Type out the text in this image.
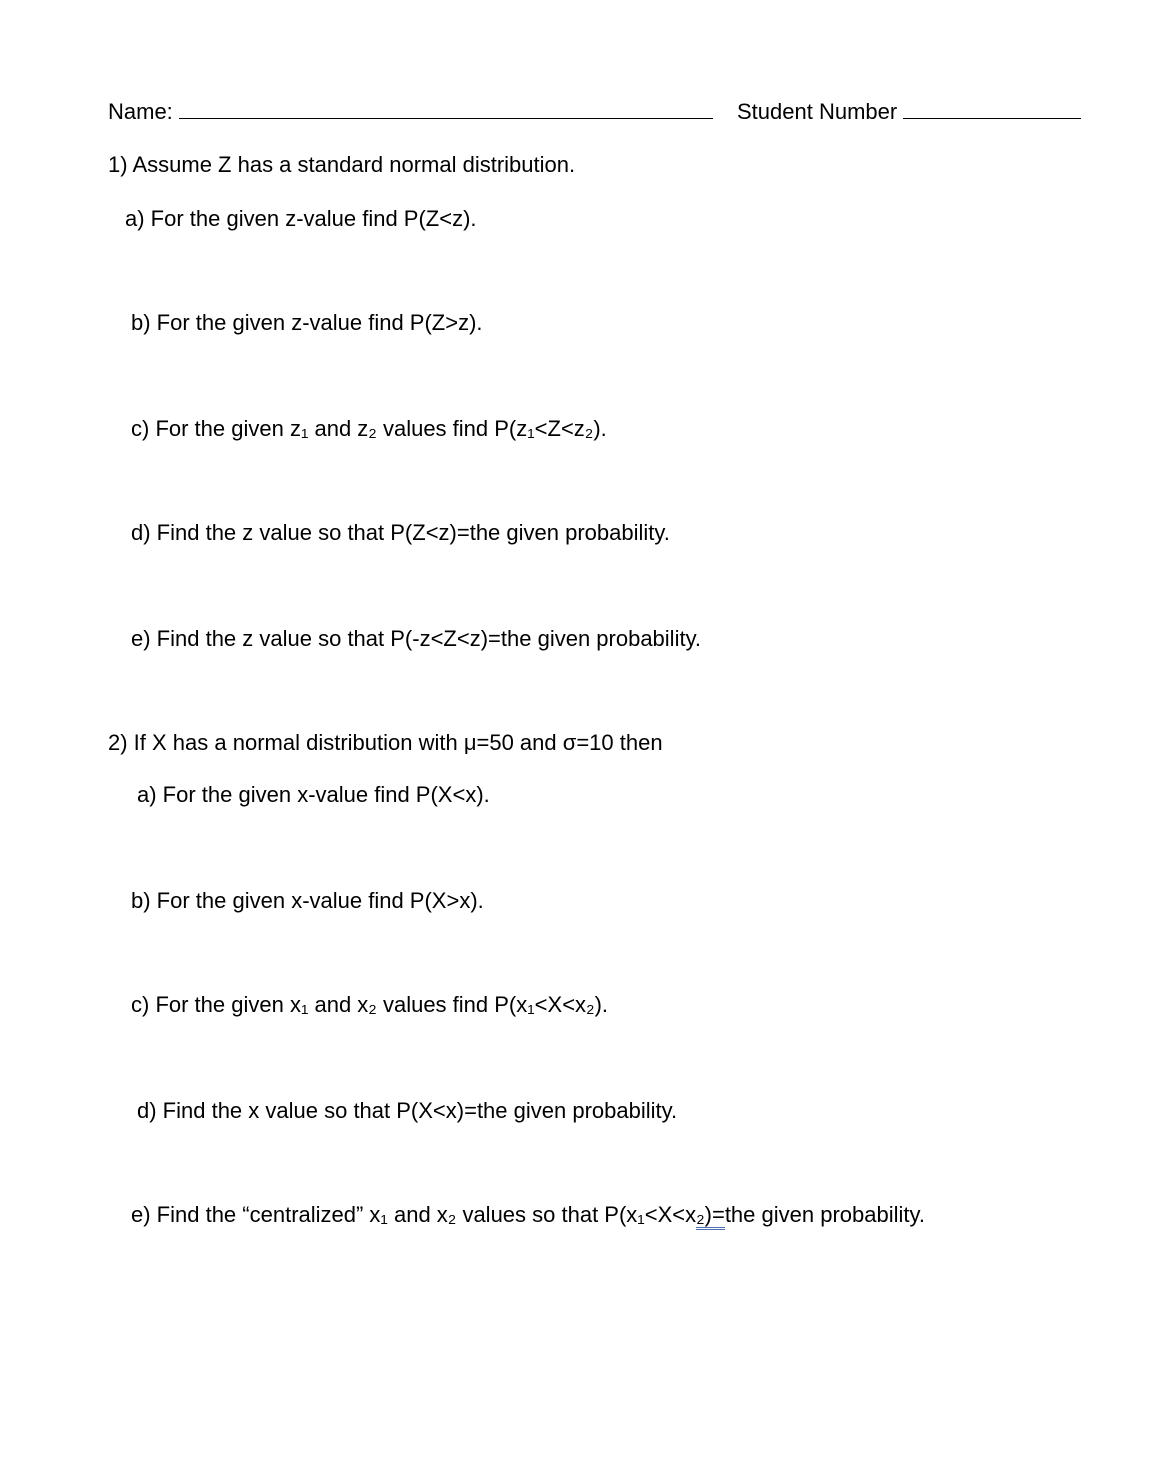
Name:	Student Number
1) Assume Z has a standard normal distribution.
a) For the given z-value find P(Z<z).
b) For the given z-value find P(Z>z).
c) For the given z₁ and z₂ values find P(z₁<Z<z₂).
d) Find the z value so that P(Z<z)=the given probability.
e) Find the z value so that P(-z<Z<z)=the given probability.
2) If X has a normal distribution with μ=50 and σ=10 then
a) For the given x-value find P(X<x).
b) For the given x-value find P(X>x).
c) For the given x₁ and x₂ values find P(x₁<X<x₂).
d) Find the x value so that P(X<x)=the given probability.
e) Find the “centralized” x₁ and x₂ values so that P(x₁<X<x₂)=the given probability.
